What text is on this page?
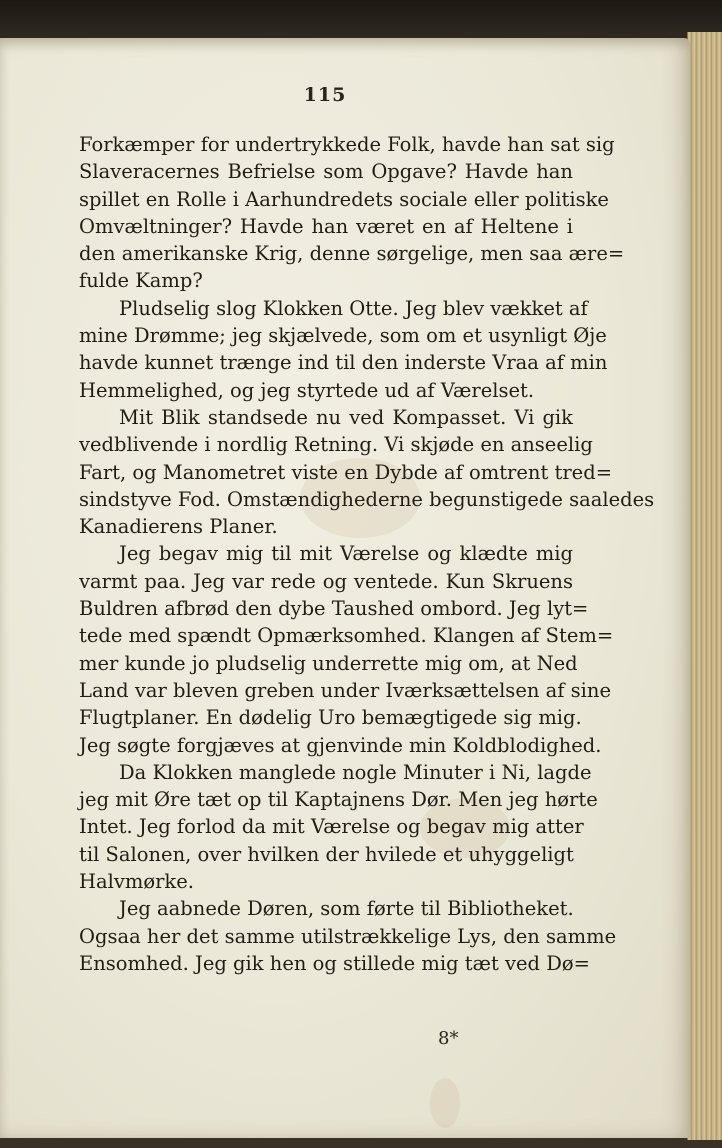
115
Forkæmper for undertrykkede Folk, havde han sat sig
Slaveracernes Befrielse som Opgave? Havde han
spillet en Rolle i Aarhundredets sociale eller politiske
Omvæltninger? Havde han været en af Heltene i
den amerikanske Krig, denne sørgelige, men saa ære=
fulde Kamp?
Pludselig slog Klokken Otte. Jeg blev vækket af
mine Drømme; jeg skjælvede, som om et usynligt Øje
havde kunnet trænge ind til den inderste Vraa af min
Hemmelighed, og jeg styrtede ud af Værelset.
Mit Blik standsede nu ved Kompasset. Vi gik
vedblivende i nordlig Retning. Vi skjøde en anseelig
Fart, og Manometret viste en Dybde af omtrent tred=
sindstyve Fod. Omstændighederne begunstigede saaledes
Kanadierens Planer.
Jeg begav mig til mit Værelse og klædte mig
varmt paa. Jeg var rede og ventede. Kun Skruens
Buldren afbrød den dybe Taushed ombord. Jeg lyt=
tede med spændt Opmærksomhed. Klangen af Stem=
mer kunde jo pludselig underrette mig om, at Ned
Land var bleven greben under Iværksættelsen af sine
Flugtplaner. En dødelig Uro bemægtigede sig mig.
Jeg søgte forgjæves at gjenvinde min Koldblodighed.
Da Klokken manglede nogle Minuter i Ni, lagde
jeg mit Øre tæt op til Kaptajnens Dør. Men jeg hørte
Intet. Jeg forlod da mit Værelse og begav mig atter
til Salonen, over hvilken der hvilede et uhyggeligt
Halvmørke.
Jeg aabnede Døren, som førte til Bibliotheket.
Ogsaa her det samme utilstrækkelige Lys, den samme
Ensomhed. Jeg gik hen og stillede mig tæt ved Dø=
8*
